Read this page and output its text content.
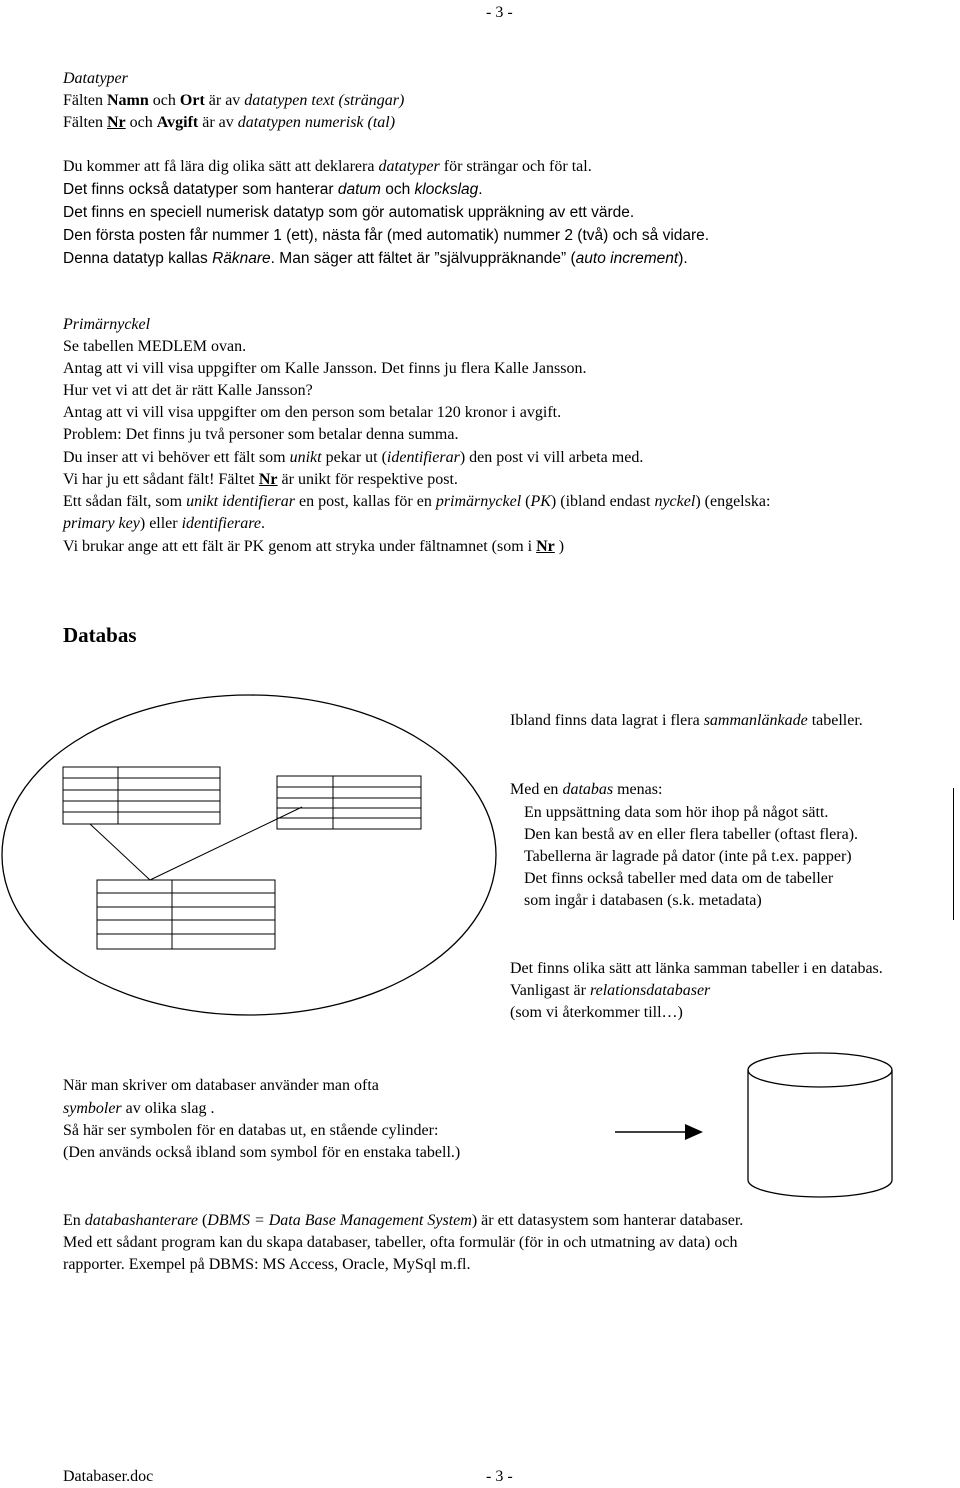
- 3 -
Datatyper
Fälten Namn och Ort är av datatypen text (strängar)
Fälten Nr och Avgift är av datatypen numerisk (tal)
Du kommer att få lära dig olika sätt att deklarera datatyper för strängar och för tal.
Det finns också datatyper som hanterar datum och klockslag.
Det finns en speciell numerisk datatyp som gör automatisk uppräkning av ett värde.
Den första posten får nummer 1 (ett), nästa får (med automatik) nummer 2 (två) och så vidare.
Denna datatyp kallas Räknare. Man säger att fältet är ”självuppräknande” (auto increment).
Primärnyckel
Se tabellen MEDLEM ovan.
Antag att vi vill visa uppgifter om Kalle Jansson. Det finns ju flera Kalle Jansson.
Hur vet vi att det är rätt Kalle Jansson?
Antag att vi vill visa uppgifter om den person som betalar 120 kronor i avgift.
Problem: Det finns ju två personer som betalar denna summa.
Du inser att vi behöver ett fält som unikt pekar ut (identifierar) den post vi vill arbeta med.
Vi har ju ett sådant fält! Fältet Nr är unikt för respektive post.
Ett sådan fält, som unikt identifierar en post, kallas för en primärnyckel (PK) (ibland endast nyckel) (engelska:
primary key) eller identifierare.
Vi brukar ange att ett fält är PK genom att stryka under fältnamnet (som i Nr )
Databas
Ibland finns data lagrat i flera sammanlänkade tabeller.
Med en databas menas:
En uppsättning data som hör ihop på något sätt.
Den kan bestå av en eller flera tabeller (oftast flera).
Tabellerna är lagrade på dator (inte på t.ex. papper)
Det finns också tabeller med data om de tabeller
som ingår i databasen (s.k. metadata)
Det finns olika sätt att länka samman tabeller i en databas.
Vanligast är relationsdatabaser
(som vi återkommer till…)
När man skriver om databaser använder man ofta
symboler av olika slag .
Så här ser symbolen för en databas ut, en stående cylinder:
(Den används också ibland som symbol för en enstaka tabell.)
En databashanterare (DBMS = Data Base Management System) är ett datasystem som hanterar databaser.
Med ett sådant program kan du skapa databaser, tabeller, ofta formulär (för in och utmatning av data) och
rapporter. Exempel på DBMS: MS Access, Oracle, MySql m.fl.
Databaser.doc	- 3 -
